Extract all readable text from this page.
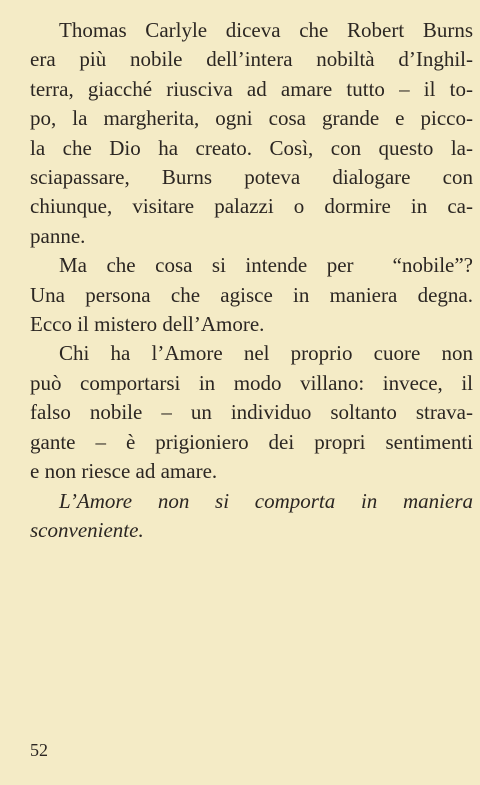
Thomas Carlyle diceva che Robert Burns
era più nobile dell’intera nobiltà d’Inghil-
terra, giacché riusciva ad amare tutto – il to-
po, la margherita, ogni cosa grande e picco-
la che Dio ha creato. Così, con questo la-
sciapassare, Burns poteva dialogare con
chiunque, visitare palazzi o dormire in ca-
panne.
Ma che cosa si intende per  “nobile”?
Una persona che agisce in maniera degna.
Ecco il mistero dell’Amore.
Chi ha l’Amore nel proprio cuore non
può comportarsi in modo villano: invece, il
falso nobile – un individuo soltanto strava-
gante – è prigioniero dei propri sentimenti
e non riesce ad amare.
L’Amore non si comporta in maniera
sconveniente.
52
